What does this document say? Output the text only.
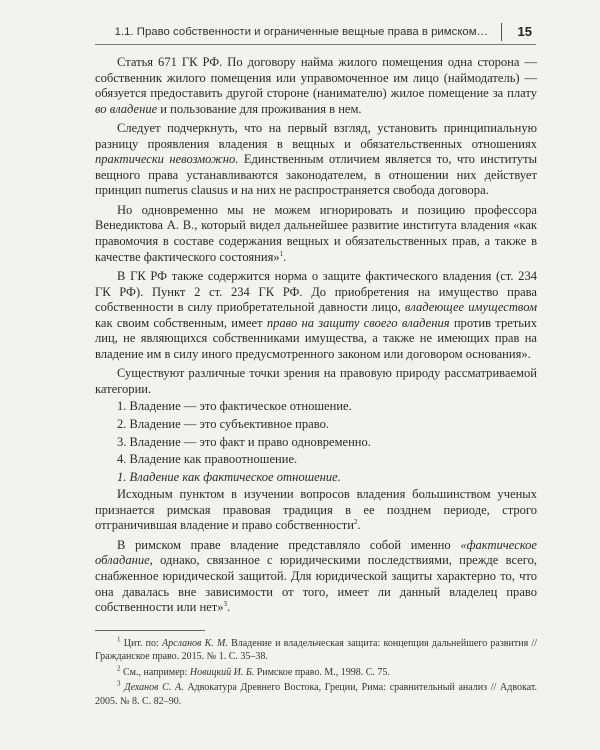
1.1. Право собственности и ограниченные вещные права в римском… 15

Статья 671 ГК РФ. По договору найма жилого помещения одна сторона — собственник жилого помещения или управомоченное им лицо (наймодатель) — обязуется предоставить другой стороне (нанимателю) жилое помещение за плату во владение и пользование для проживания в нем.

Следует подчеркнуть, что на первый взгляд, установить принципиальную разницу проявления владения в вещных и обязательственных отношениях практически невозможно. Единственным отличием является то, что институты вещного права устанавливаются законодателем, в отношении них действует принцип numerus clausus и на них не распространяется свобода договора.

Но одновременно мы не можем игнорировать и позицию профессора Венедиктова А. В., который видел дальнейшее развитие института владения «как правомочия в составе содержания вещных и обязательственных прав, а также в качестве фактического состояния»$^1$.

В ГК РФ также содержится норма о защите фактического владения (ст. 234 ГК РФ). Пункт 2 ст. 234 ГК РФ. До приобретения на имущество права собственности в силу приобретательной давности лицо, владеющее имуществом как своим собственным, имеет право на защиту своего владения против третьих лиц, не являющихся собственниками имущества, а также не имеющих прав на владение им в силу иного предусмотренного законом или договором основания».

Существуют различные точки зрения на правовую природу рассматриваемой категории.

1. Владение — это фактическое отношение.

2. Владение — это субъективное право.

3. Владение — это факт и право одновременно.

4. Владение как правоотношение.

1. Владение как фактическое отношение.

Исходным пунктом в изучении вопросов владения большинством ученых признается римская правовая традиция в ее позднем периоде, строго отграничившая владение и право собственности$^2$.

В римском праве владение представляло собой именно «фактическое обладание, однако, связанное с юридическими последствиями, прежде всего, снабженное юридической защитой. Для юридической защиты характерно то, что она давалась вне зависимости от того, имеет ли данный владелец право собственности или нет»$^3$.

$^1$ Цит. по: Арсланов К. М. Владение и владельческая защита: концепция дальнейшего развития // Гражданское право. 2015. № 1. С. 35–38.

$^2$ См., например: Новицкий И. Б. Римское право. М., 1998. С. 75.

$^3$ Деханов С. А. Адвокатура Древнего Востока, Греции, Рима: сравнительный анализ // Адвокат. 2005. № 8. С. 82–90.
